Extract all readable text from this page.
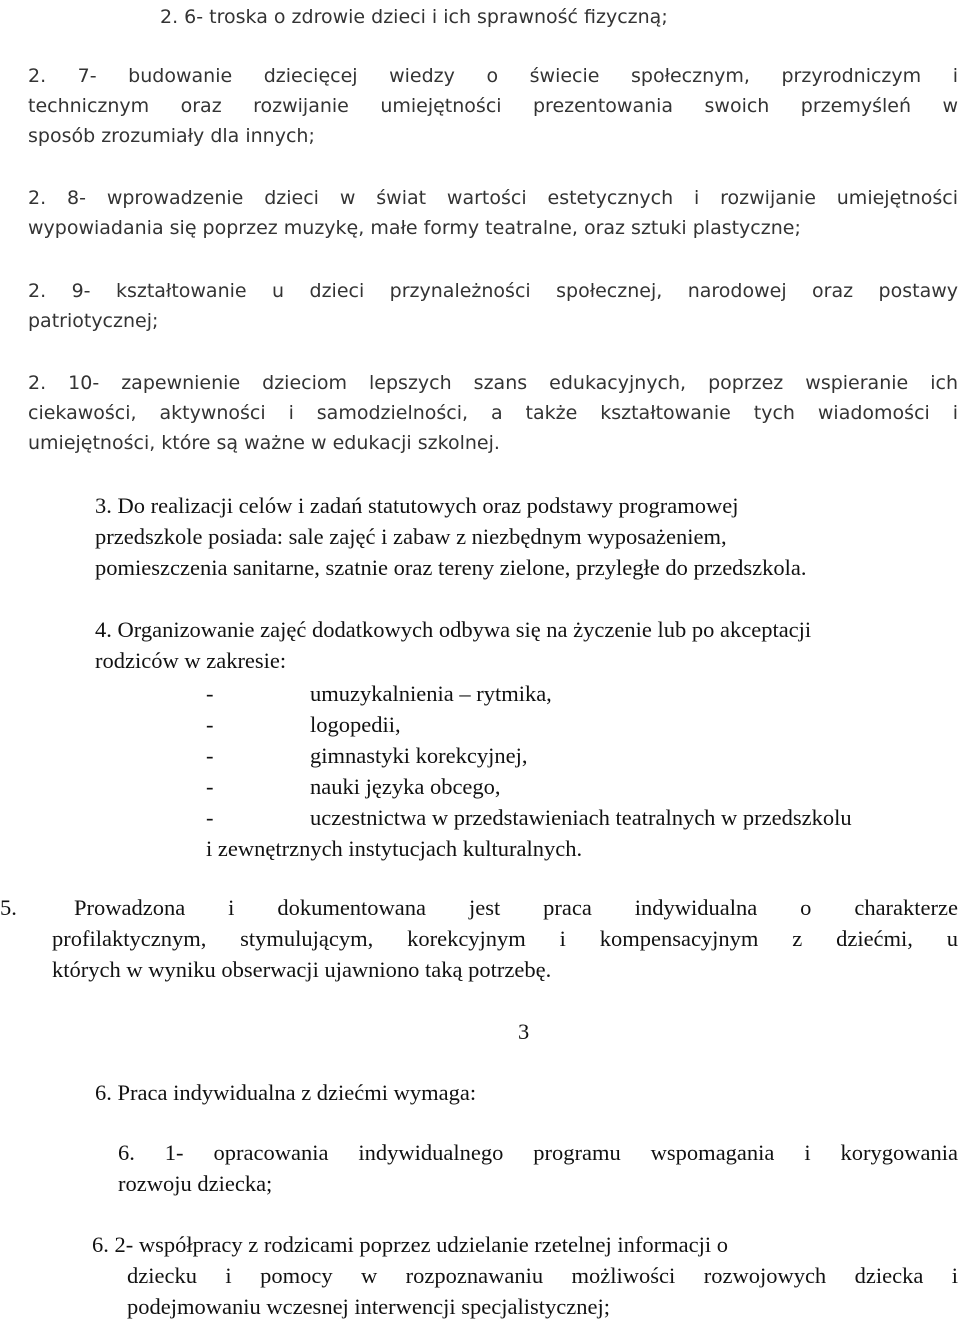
2. 6- troska o zdrowie dzieci i ich sprawność fizyczną;

2. 7- budowanie dziecięcej wiedzy o świecie społecznym, przyrodniczym i
technicznym oraz rozwijanie umiejętności prezentowania swoich przemyśleń w
sposób zrozumiały dla innych;

2. 8- wprowadzenie dzieci w świat wartości estetycznych i rozwijanie umiejętności
wypowiadania się poprzez muzykę, małe formy teatralne, oraz sztuki plastyczne;

2. 9- kształtowanie u dzieci przynależności społecznej, narodowej oraz postawy
patriotycznej;

2. 10- zapewnienie dzieciom lepszych szans edukacyjnych, poprzez wspieranie ich
ciekawości, aktywności i samodzielności, a także kształtowanie tych wiadomości i
umiejętności, które są ważne w edukacji szkolnej.

3. Do realizacji celów i zadań statutowych oraz podstawy programowej
przedszkole posiada: sale zajęć i zabaw z niezbędnym wyposażeniem,
pomieszczenia sanitarne, szatnie oraz tereny zielone, przyległe do przedszkola.

4. Organizowanie zajęć dodatkowych odbywa się na życzenie lub po akceptacji
rodziców w zakresie:

-	umuzykalnienia – rytmika,
-	logopedii,
-	gimnastyki korekcyjnej,
-	nauki języka obcego,
-	uczestnictwa w przedstawieniach teatralnych w przedszkolu
i zewnętrznych instytucjach kulturalnych.
5.	Prowadzona i dokumentowana jest praca indywidualna o charakterze
profilaktycznym, stymulującym, korekcyjnym i kompensacyjnym z dziećmi, u
których w wyniku obserwacji ujawniono taką potrzebę.

3

6. Praca indywidualna z dziećmi wymaga:

6. 1- opracowania indywidualnego programu wspomagania i korygowania
rozwoju dziecka;

6. 2- współpracy z rodzicami poprzez udzielanie rzetelnej informacji o
dziecku i pomocy w rozpoznawaniu możliwości rozwojowych dziecka i
podejmowaniu wczesnej interwencji specjalistycznej;
